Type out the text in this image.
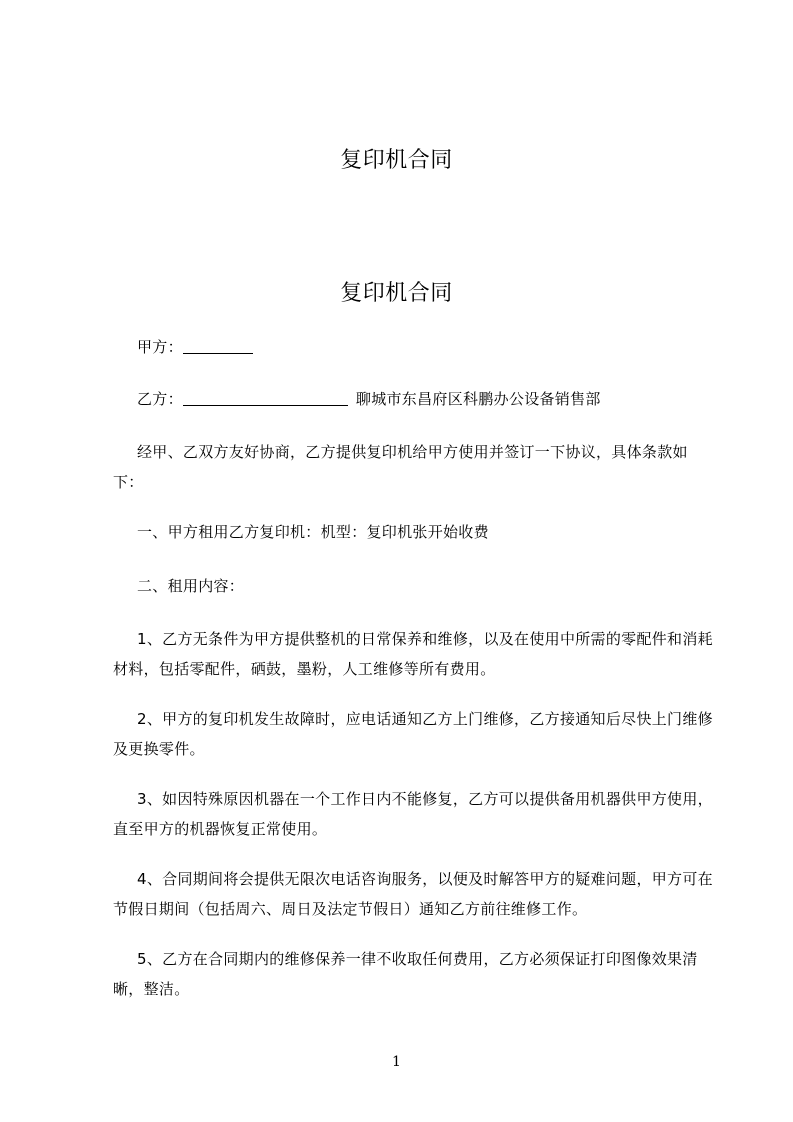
复印机合同
复印机合同
甲方：
乙方：	聊城市东昌府区科鹏办公设备销售部
经甲、乙双方友好协商，乙方提供复印机给甲方使用并签订一下协议，具体条款如下：
一、甲方租用乙方复印机：机型：复印机张开始收费
二、租用内容：
1、乙方无条件为甲方提供整机的日常保养和维修，以及在使用中所需的零配件和消耗材料，包括零配件，硒鼓，墨粉，人工维修等所有费用。
2、甲方的复印机发生故障时，应电话通知乙方上门维修，乙方接通知后尽快上门维修及更换零件。
3、如因特殊原因机器在一个工作日内不能修复，乙方可以提供备用机器供甲方使用，直至甲方的机器恢复正常使用。
4、合同期间将会提供无限次电话咨询服务，以便及时解答甲方的疑难问题，甲方可在节假日期间（包括周六、周日及法定节假日）通知乙方前往维修工作。
5、乙方在合同期内的维修保养一律不收取任何费用，乙方必须保证打印图像效果清晰，整洁。
1
